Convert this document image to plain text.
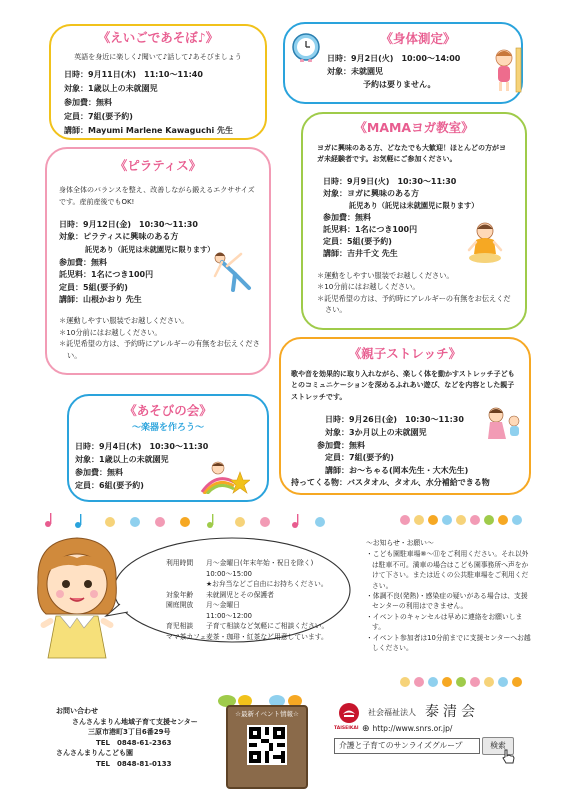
《えいごであそぼ♪》
英語を身近に楽しく♪聞いて♪話して♪あそびましょう
日時： 9月11日(木)　11:10～11:40
対象： 1歳以上の未就園児
参加費： 無料
定員： 7組(要予約)
講師： Mayumi Marlene Kawaguchi 先生
《身体測定》
日時： 9月2日(火)　10:00～14:00
対象： 未就園児
予約は要りません。
《ピラティス》
身体全体のバランスを整え、改善しながら鍛えるエクササイズです。産前産後でもOK!
日時： 9月12日(金)　10:30～11:30
対象： ピラティスに興味のある方
託児あり（託児は未就園児に限ります）
参加費： 無料
託児料： 1名につき100円
定員： 5組(要予約)
講師： 山根かおり 先生
＊運動しやすい服装でお越しください。
＊10分前にはお越しください。
＊託児希望の方は、予約時にアレルギーの有無をお伝えください。
《MAMAヨガ教室》
ヨガに興味のある方、どなたでも大歓迎！ほとんどの方がヨガ未経験者です。お気軽にご参加ください。
日時： 9月9日(火)　10:30～11:30
対象： ヨガに興味のある方
託児あり（託児は未就園児に限ります）
参加費： 無料
託児料： 1名につき100円
定員： 5組(要予約)
講師： 吉井千文 先生
＊運動をしやすい服装でお越しください。
＊10分前にはお越しください。
＊託児希望の方は、予約時にアレルギーの有無をお伝えください。
《親子ストレッチ》
歌や音を効果的に取り入れながら、楽しく体を動かすストレッチ子どもとのコミュニケーションを深めるふれあい遊び、などを内容とした親子ストレッチです。
日時： 9月26日(金)　10:30～11:30
対象： 3か月以上の未就園児
参加費： 無料
定員： 7組(要予約)
講師： お～ちゃる(岡本先生・大木先生)
持ってくる物： バスタオル、タオル、水分補給できる物
《あそびの会》
～楽器を作ろう～
日時： 9月4日(木)　10:30～11:30
対象： 1歳以上の未就園児
参加費： 無料
定員： 6組(要予約)
利用時間	月～金曜日(年末年始・祝日を除く)
10:00～15:00
★お弁当などご自由にお持ちください。
対象年齢	未就園児とその保護者
園庭開放	月～金曜日
11:00～12:00
育児相談	子育て相談など気軽にご相談ください。
ママ茶カフェ 麦茶・珈琲・紅茶など用意しています。
～お知らせ・お願い～
・こども園駐車場⑧～⑪をご利用ください。それ以外は駐車不可。満車の場合はこども園事務所へ声をかけて下さい。または近くの公共駐車場をご利用ください。
・体調不良(発熱)・感染症の疑いがある場合は、支援センターの利用はできません。
・イベントのキャンセルは早めに連絡をお願いします。
・イベント参加者は10分前までに支援センターへお越しください。
お問い合わせ
さんさんまりん地域子育て支援センター
三原市港町3丁目6番29号
TEL　0848-61-2363
さんさんまりんこども園
TEL　0848-81-0133
☆最新イベント情報☆
TAISEIKAI
社会福祉法人 泰清会
⊕ http://www.snrs.or.jp/
介護と子育てのサンライズグループ	検索
